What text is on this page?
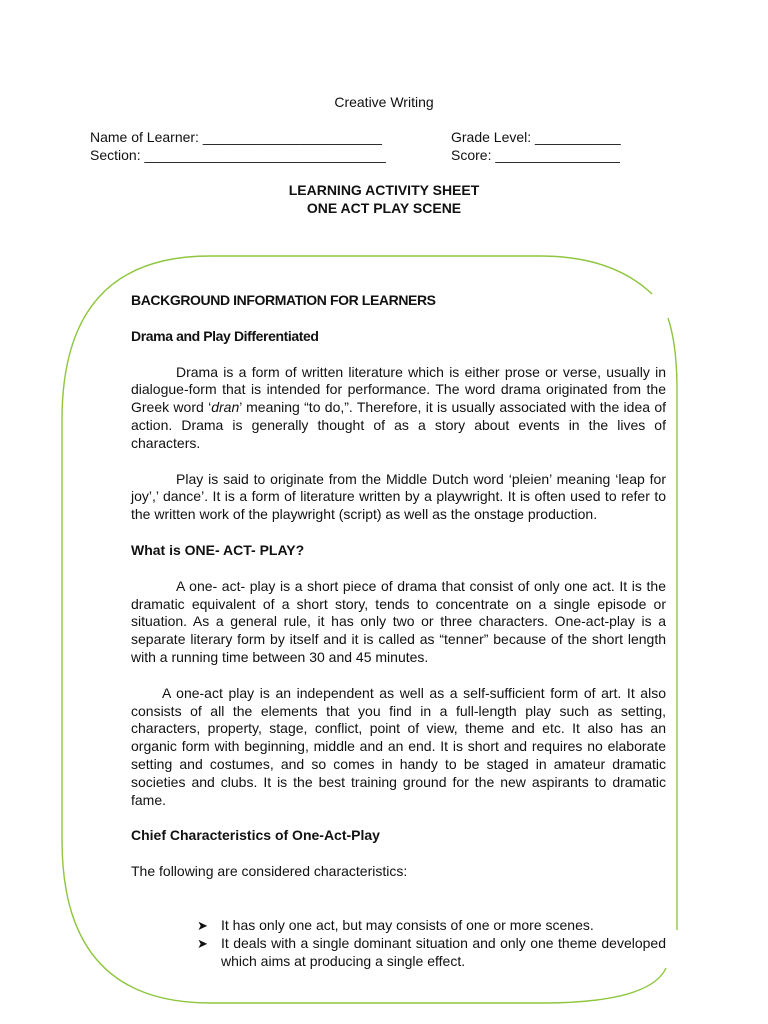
Creative Writing
Name of Learner: _______________________	Grade Level: ___________
Section: _______________________________	Score: ________________
LEARNING ACTIVITY SHEET
ONE ACT PLAY SCENE
BACKGROUND INFORMATION FOR LEARNERS
Drama and Play Differentiated
Drama is a form of written literature which is either prose or verse, usually in dialogue-form that is intended for performance. The word drama originated from the Greek word ‘dran’ meaning “to do,”. Therefore, it is usually associated with the idea of action. Drama is generally thought of as a story about events in the lives of characters.
Play is said to originate from the Middle Dutch word ‘pleien’ meaning ‘leap for joy’,’ dance’. It is a form of literature written by a playwright. It is often used to refer to the written work of the playwright (script) as well as the onstage production.
What is ONE- ACT- PLAY?
A one- act- play is a short piece of drama that consist of only one act. It is the dramatic equivalent of a short story, tends to concentrate on a single episode or situation. As a general rule, it has only two or three characters. One-act-play is a separate literary form by itself and it is called as “tenner” because of the short length with a running time between 30 and 45 minutes.
A one-act play is an independent as well as a self-sufficient form of art. It also consists of all the elements that you find in a full-length play such as setting, characters, property, stage, conflict, point of view, theme and etc. It also has an organic form with beginning, middle and an end. It is short and requires no elaborate setting and costumes, and so comes in handy to be staged in amateur dramatic societies and clubs. It is the best training ground for the new aspirants to dramatic fame.
Chief Characteristics of One-Act-Play
The following are considered characteristics:
➤ It has only one act, but may consists of one or more scenes.
➤ It deals with a single dominant situation and only one theme developed which aims at producing a single effect.
